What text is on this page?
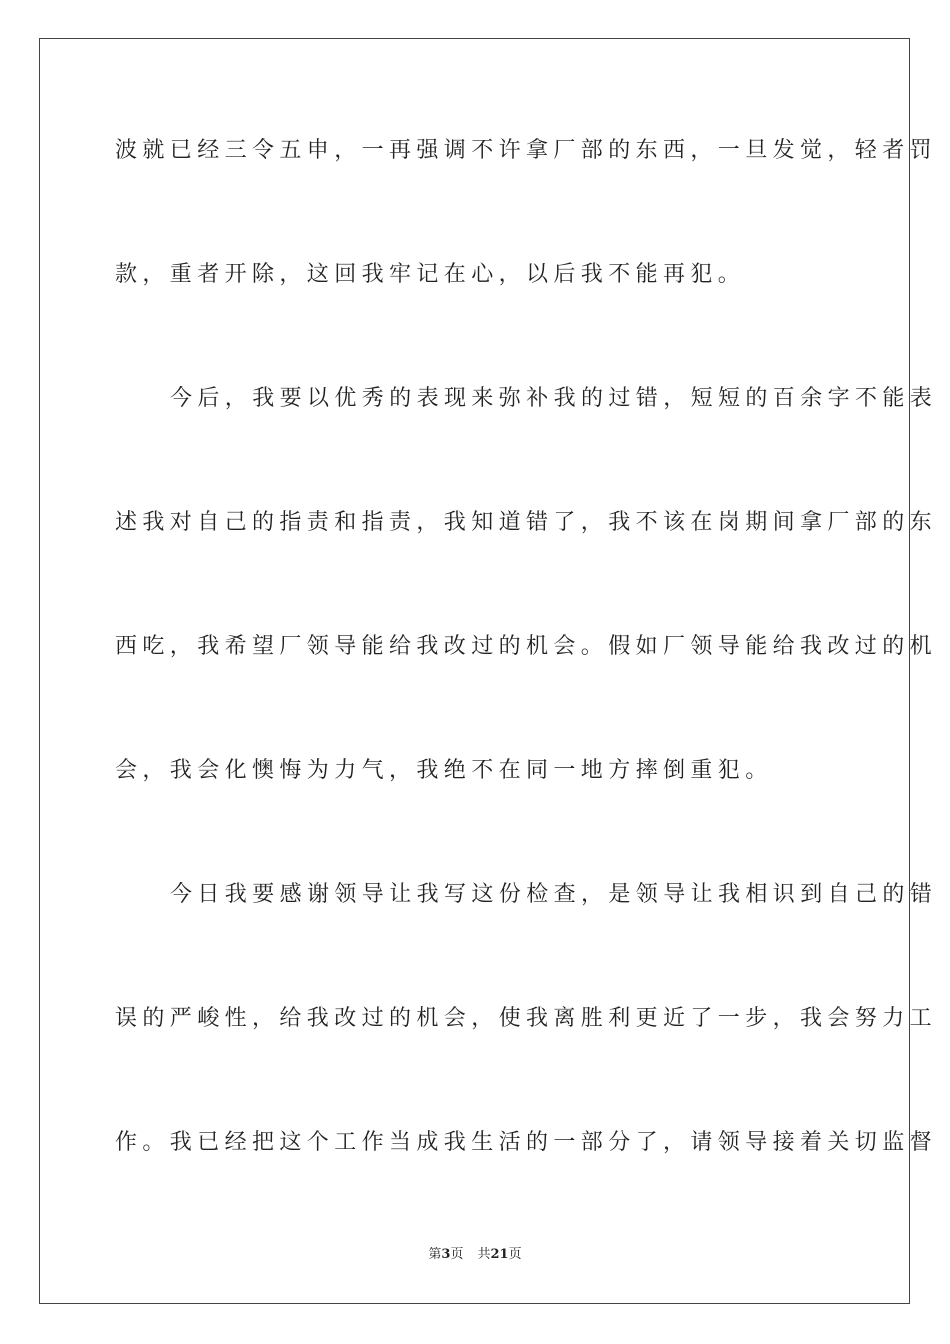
波就已经三令五申，一再强调不许拿厂部的东西，一旦发觉，轻者罚
款，重者开除，这回我牢记在心，以后我不能再犯。
今后，我要以优秀的表现来弥补我的过错，短短的百余字不能表
述我对自己的指责和指责，我知道错了，我不该在岗期间拿厂部的东
西吃，我希望厂领导能给我改过的机会。假如厂领导能给我改过的机
会，我会化懊悔为力气，我绝不在同一地方摔倒重犯。
今日我要感谢领导让我写这份检查，是领导让我相识到自己的错
误的严峻性，给我改过的机会，使我离胜利更近了一步，我会努力工
作。我已经把这个工作当成我生活的一部分了，请领导接着关切监督
第3页 共21页
